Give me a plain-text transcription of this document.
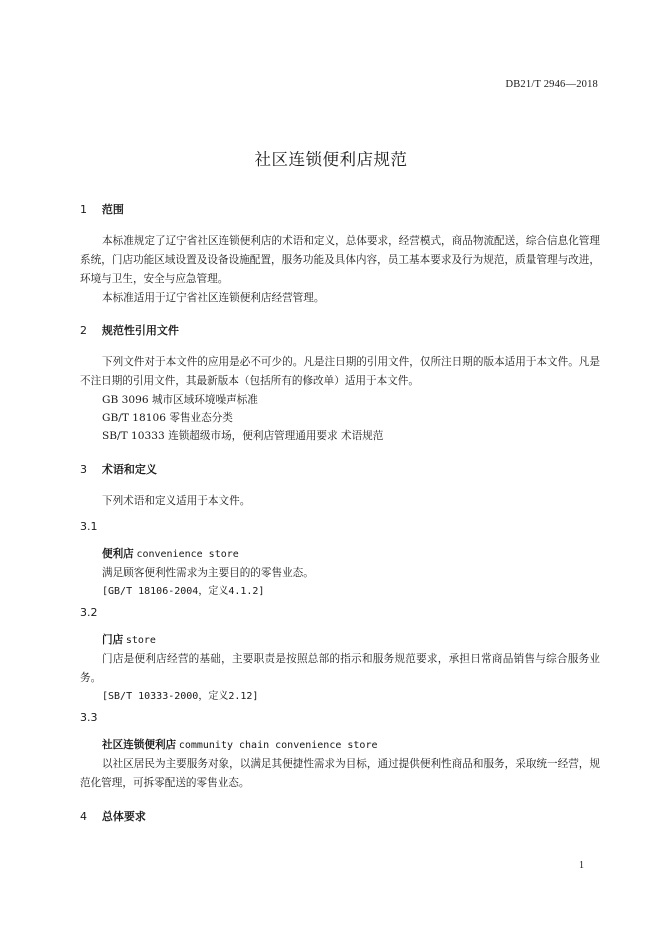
DB21/T 2946—2018
社区连锁便利店规范
1 范围

本标准规定了辽宁省社区连锁便利店的术语和定义，总体要求，经营模式，商品物流配送，综合信息化管理系统，门店功能区域设置及设备设施配置，服务功能及具体内容，员工基本要求及行为规范，质量管理与改进，环境与卫生，安全与应急管理。

本标准适用于辽宁省社区连锁便利店经营管理。

2 规范性引用文件

下列文件对于本文件的应用是必不可少的。凡是注日期的引用文件，仅所注日期的版本适用于本文件。凡是不注日期的引用文件，其最新版本（包括所有的修改单）适用于本文件。

GB 3096 城市区域环境噪声标准

GB/T 18106 零售业态分类

SB/T 10333 连锁超级市场，便利店管理通用要求 术语规范

3 术语和定义

下列术语和定义适用于本文件。

3.1

便利店 convenience store

满足顾客便利性需求为主要目的的零售业态。

[GB/T 18106-2004，定义4.1.2]

3.2

门店 store

门店是便利店经营的基础，主要职责是按照总部的指示和服务规范要求，承担日常商品销售与综合服务业务。

[SB/T 10333-2000，定义2.12]

3.3

社区连锁便利店 community chain convenience store

以社区居民为主要服务对象，以满足其便捷性需求为目标，通过提供便利性商品和服务，采取统一经营，规范化管理，可拆零配送的零售业态。

4 总体要求
1
